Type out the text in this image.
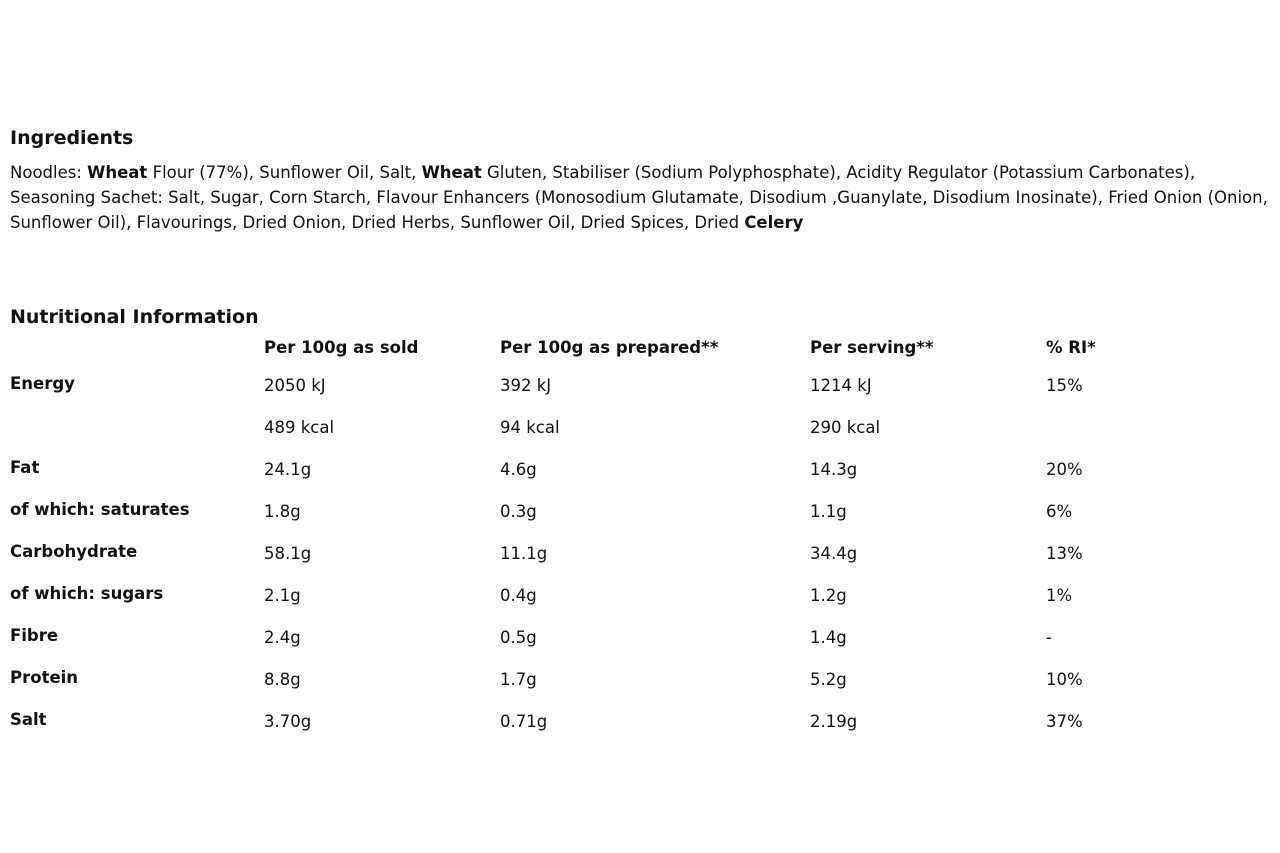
Ingredients

Noodles: Wheat Flour (77%), Sunflower Oil, Salt, Wheat Gluten, Stabiliser (Sodium Polyphosphate), Acidity Regulator (Potassium Carbonates), Seasoning Sachet: Salt, Sugar, Corn Starch, Flavour Enhancers (Monosodium Glutamate, Disodium ,Guanylate, Disodium Inosinate), Fried Onion (Onion, Sunflower Oil), Flavourings, Dried Onion, Dried Herbs, Sunflower Oil, Dried Spices, Dried Celery

Nutritional Information
	Per 100g as sold	Per 100g as prepared**	Per serving**	% RI*
Energy	2050 kJ	392 kJ	1214 kJ	15%
	489 kcal	94 kcal	290 kcal	
Fat	24.1g	4.6g	14.3g	20%
of which: saturates	1.8g	0.3g	1.1g	6%
Carbohydrate	58.1g	11.1g	34.4g	13%
of which: sugars	2.1g	0.4g	1.2g	1%
Fibre	2.4g	0.5g	1.4g	-
Protein	8.8g	1.7g	5.2g	10%
Salt	3.70g	0.71g	2.19g	37%
